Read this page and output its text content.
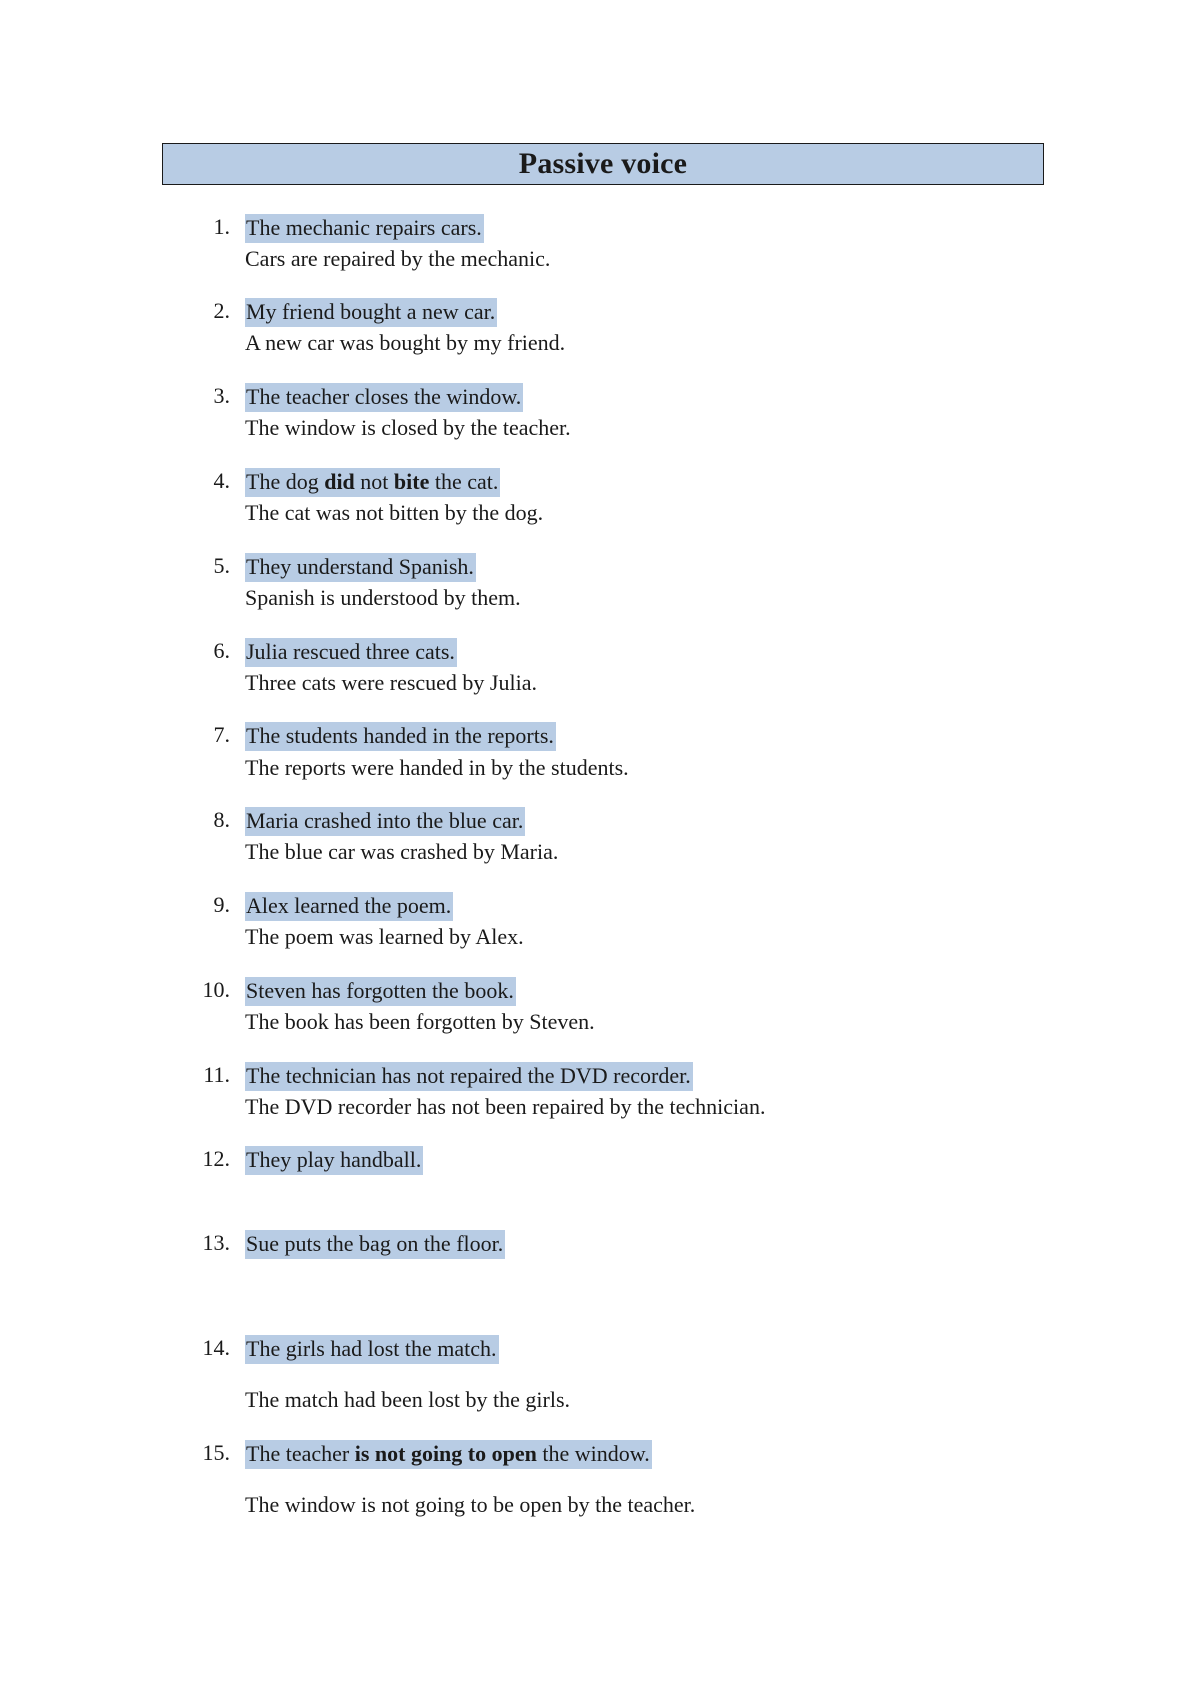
Passive voice
1. The mechanic repairs cars.
Cars are repaired by the mechanic.
2. My friend bought a new car.
A new car was bought by my friend.
3. The teacher closes the window.
The window is closed by the teacher.
4. The dog did not bite the cat.
The cat was not bitten by the dog.
5. They understand Spanish.
Spanish is understood by them.
6. Julia rescued three cats.
Three cats were rescued by Julia.
7. The students handed in the reports.
The reports were handed in by the students.
8. Maria crashed into the blue car.
The blue car was crashed by Maria.
9. Alex learned the poem.
The poem was learned by Alex.
10. Steven has forgotten the book.
The book has been forgotten by Steven.
11. The technician has not repaired the DVD recorder.
The DVD recorder has not been repaired by the technician.
12. They play handball.
13. Sue puts the bag on the floor.
14. The girls had lost the match.
The match had been lost by the girls.
15. The teacher is not going to open the window.
The window is not going to be open by the teacher.
